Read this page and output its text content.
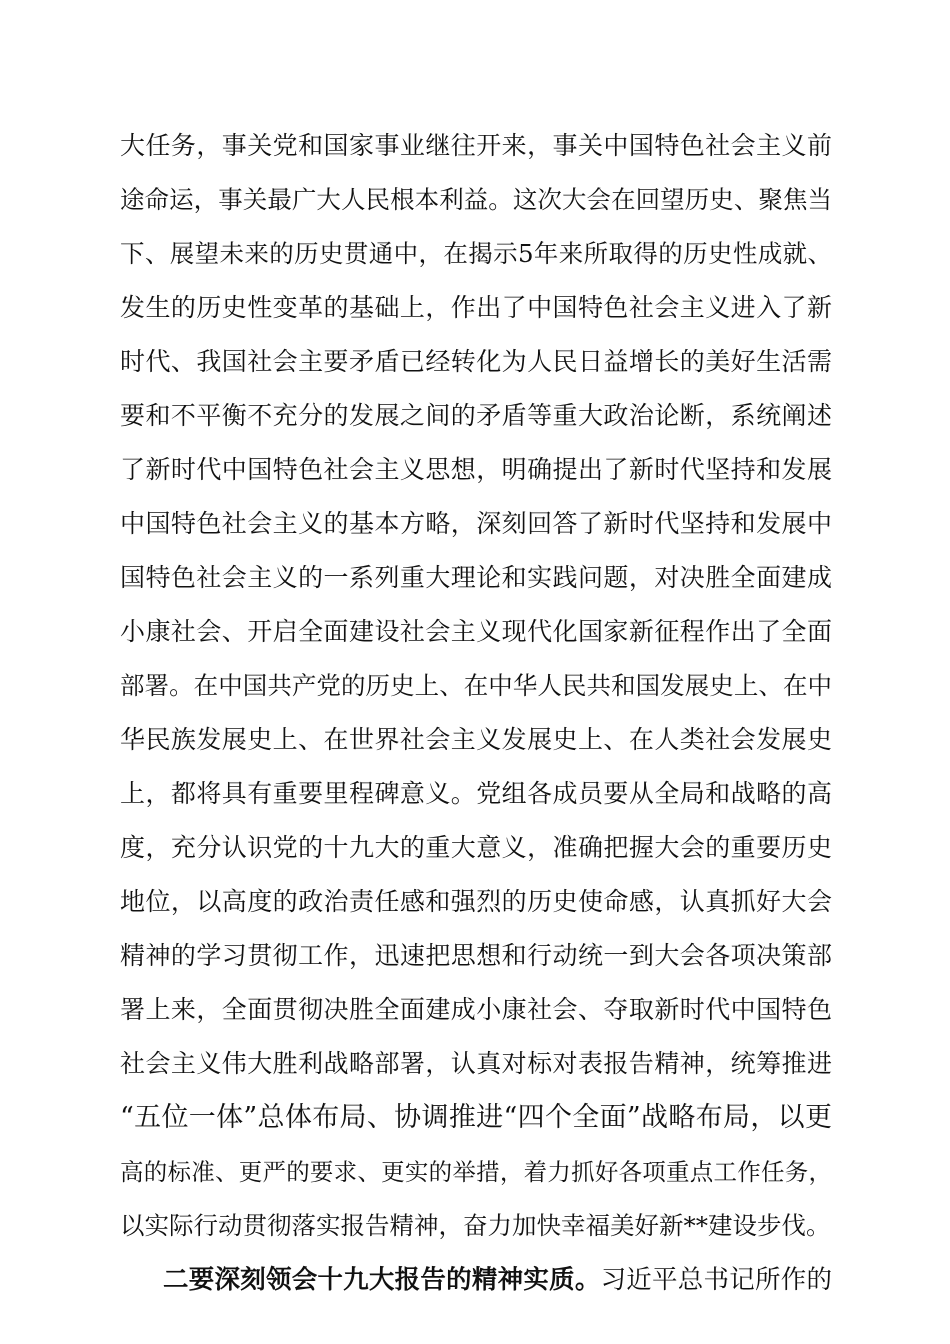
大任务，事关党和国家事业继往开来，事关中国特色社会主义前
途命运，事关最广大人民根本利益。这次大会在回望历史、聚焦当
下、展望未来的历史贯通中，在揭示5年来所取得的历史性成就、
发生的历史性变革的基础上，作出了中国特色社会主义进入了新
时代、我国社会主要矛盾已经转化为人民日益增长的美好生活需
要和不平衡不充分的发展之间的矛盾等重大政治论断，系统阐述
了新时代中国特色社会主义思想，明确提出了新时代坚持和发展
中国特色社会主义的基本方略，深刻回答了新时代坚持和发展中
国特色社会主义的一系列重大理论和实践问题，对决胜全面建成
小康社会、开启全面建设社会主义现代化国家新征程作出了全面
部署。在中国共产党的历史上、在中华人民共和国发展史上、在中
华民族发展史上、在世界社会主义发展史上、在人类社会发展史
上，都将具有重要里程碑意义。党组各成员要从全局和战略的高
度，充分认识党的十九大的重大意义，准确把握大会的重要历史
地位，以高度的政治责任感和强烈的历史使命感，认真抓好大会
精神的学习贯彻工作，迅速把思想和行动统一到大会各项决策部
署上来，全面贯彻决胜全面建成小康社会、夺取新时代中国特色
社会主义伟大胜利战略部署，认真对标对表报告精神，统筹推进
“五位一体”总体布局、协调推进“四个全面”战略布局，以更
高的标准、更严的要求、更实的举措，着力抓好各项重点工作任务，
以实际行动贯彻落实报告精神，奋力加快幸福美好新**建设步伐。
二要深刻领会十九大报告的精神实质。习近平总书记所作的
